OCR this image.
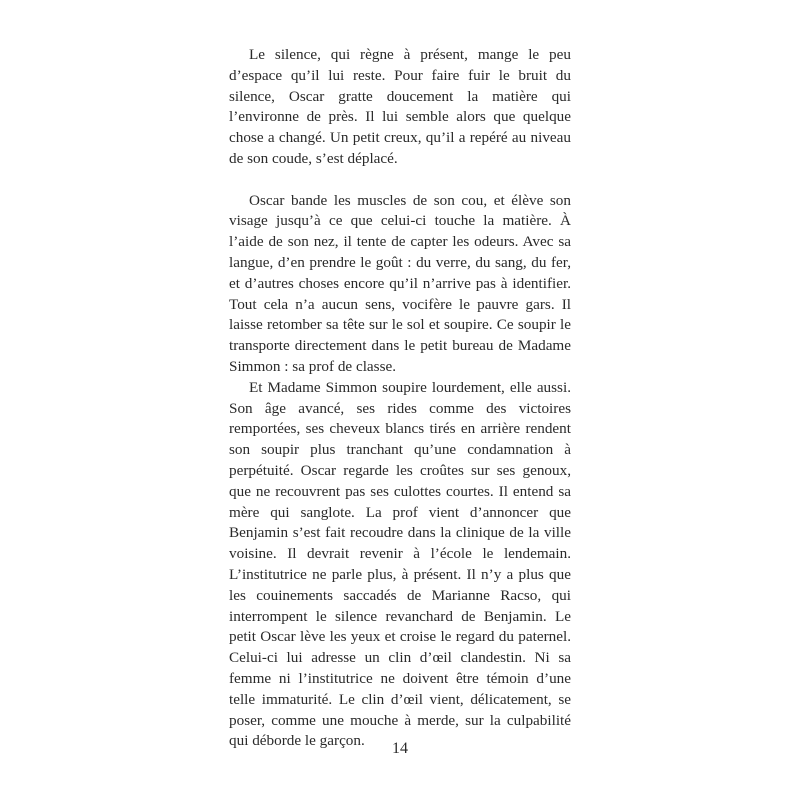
Le silence, qui règne à présent, mange le peu d’espace qu’il lui reste. Pour faire fuir le bruit du silence, Oscar gratte doucement la matière qui l’environne de près. Il lui semble alors que quelque chose a changé. Un petit creux, qu’il a repéré au niveau de son coude, s’est déplacé.

Oscar bande les muscles de son cou, et élève son visage jusqu’à ce que celui-ci touche la matière. À l’aide de son nez, il tente de capter les odeurs. Avec sa langue, d’en prendre le goût : du verre, du sang, du fer, et d’autres choses encore qu’il n’arrive pas à identifier. Tout cela n’a aucun sens, vocifère le pauvre gars. Il laisse retomber sa tête sur le sol et soupire. Ce soupir le transporte directement dans le petit bureau de Madame Simmon : sa prof de classe.

Et Madame Simmon soupire lourdement, elle aussi. Son âge avancé, ses rides comme des victoires remportées, ses cheveux blancs tirés en arrière rendent son soupir plus tranchant qu’une condamnation à perpétuité. Oscar regarde les croûtes sur ses genoux, que ne recouvrent pas ses culottes courtes. Il entend sa mère qui sanglote. La prof vient d’annoncer que Benjamin s’est fait recoudre dans la clinique de la ville voisine. Il devrait revenir à l’école le lendemain. L’institutrice ne parle plus, à présent. Il n’y a plus que les couinements saccadés de Marianne Racso, qui interrompent le silence revanchard de Benjamin. Le petit Oscar lève les yeux et croise le regard du paternel. Celui-ci lui adresse un clin d’œil clandestin. Ni sa femme ni l’institutrice ne doivent être témoin d’une telle immaturité. Le clin d’œil vient, délicatement, se poser, comme une mouche à merde, sur la culpabilité qui déborde le garçon.	14
